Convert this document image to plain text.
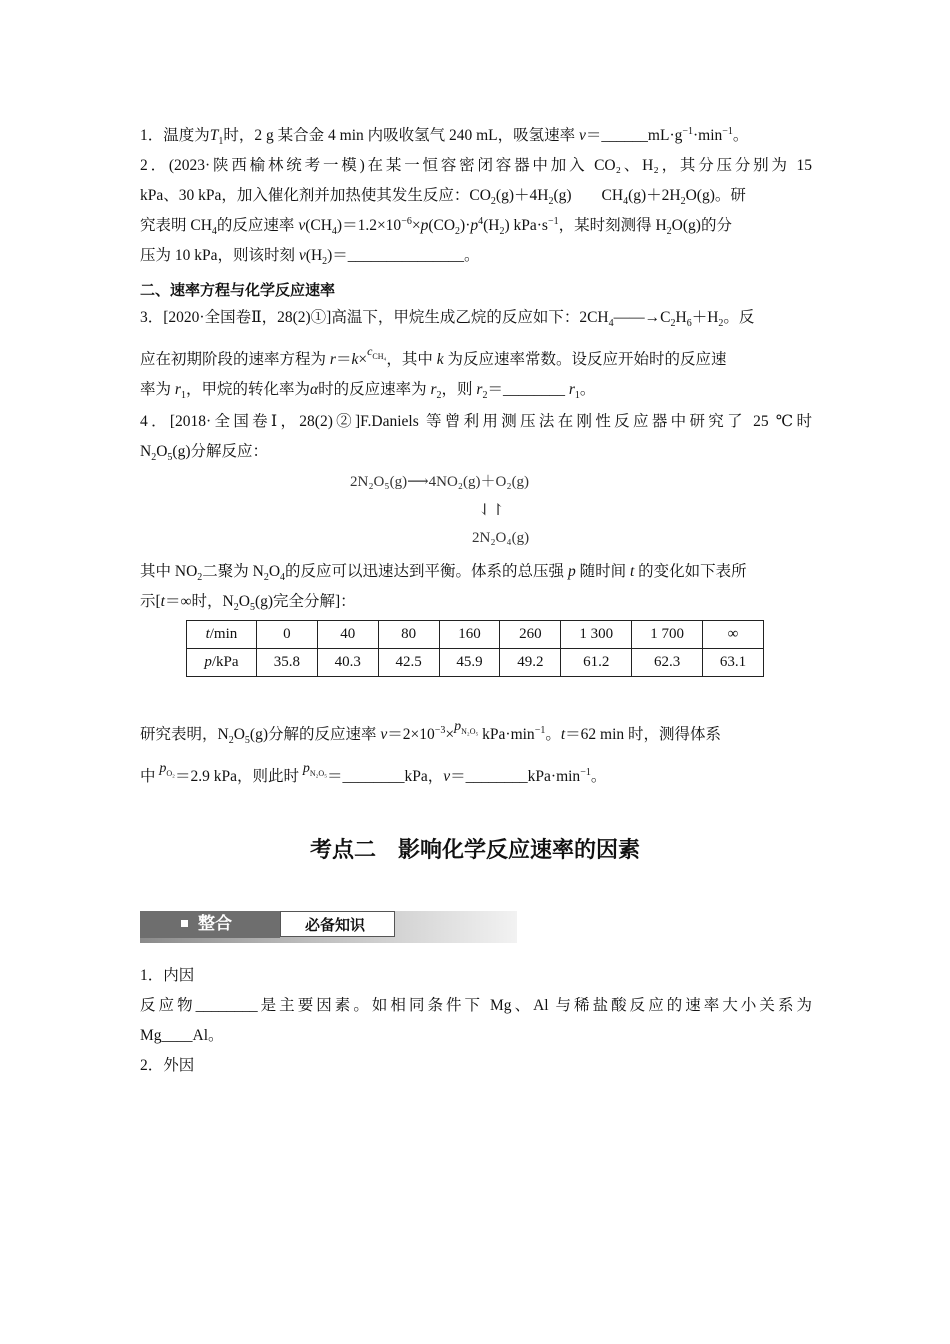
1．温度为$T_1$时，2 g 某合金 4 min 内吸收氢气 240 mL，吸氢速率 $v=\_\_\_\_\_\_mL\cdot g^{-1}\cdot\min^{-1}$。
2．(2023·陕西榆林统考一模)在某一恒容密闭容器中加入 CO₂、H₂，其分压分别为 15
kPa、30 kPa，加入催化剂并加热使其发生反应：$CO_2(g)+4H_2(g)$ $CH_4(g)+2H_2O(g)$。研
究表明 $CH_4$的反应速率 $v(CH_4)=1.2\times 10^{-6}\times p(CO_2)\cdot p^4(H_2)$ $kPa\cdot s^{-1}$，某时刻测得 $H_2O(g)$的分
压为 10 kPa，则该时刻 $v(H_2)=\_\_\_\_\_\_\_\_\_\_\_\_\_\_\_$。
二、速率方程与化学反应速率
3．[2020·全国卷Ⅱ，28(2)①]高温下，甲烷生成乙烷的反应如下：$2CH_4――\to C_2H_6+H_2$。反
应在初期阶段的速率方程为 r＝k×$^{cCH_4}$，其中 k 为反应速率常数。设反应开始时的反应速
率为 $r_1$，甲烷的转化率为α时的反应速率为 $r_2$，则 $r_2=\_\_\_\_\_\_\_\_$ $r_1$。
4．[2018·全国卷Ⅰ，28(2)②]F.Daniels 等曾利用测压法在刚性反应器中研究了 25 ℃时
$N_2O_5(g)$分解反应：
2N₂O₅(g)⟶4NO₂(g)＋O₂(g)
⇃↾
2N₂O₄(g)
其中 $NO_2$二聚为 $N_2O_4$的反应可以迅速达到平衡。体系的总压强 p 随时间 t 的变化如下表所
示[t＝∞时，$N_2O_5(g)$完全分解]：
t/min	0	40	80	160	260	1 300	1 700	∞
p/kPa	35.8	40.3	42.5	45.9	49.2	61.2	62.3	63.1
研究表明，$N_2O_5(g)$分解的反应速率 $v=2\times 10^{-3}\times p^{N_2O_5}$ $kPa\cdot\min^{-1}$。t＝62 min 时，测得体系
中 $p^{O_2}=2.9$ kPa，则此时 $p^{N_2O_5}=\_\_\_\_\_\_\_\_kPa$，$v=\_\_\_\_\_\_\_\_kPa\cdot\min^{-1}$。
考点二　影响化学反应速率的因素
整合	必备知识
1．内因
反应物________是主要因素。如相同条件下 Mg、Al 与稀盐酸反应的速率大小关系为
Mg____Al。
2．外因
